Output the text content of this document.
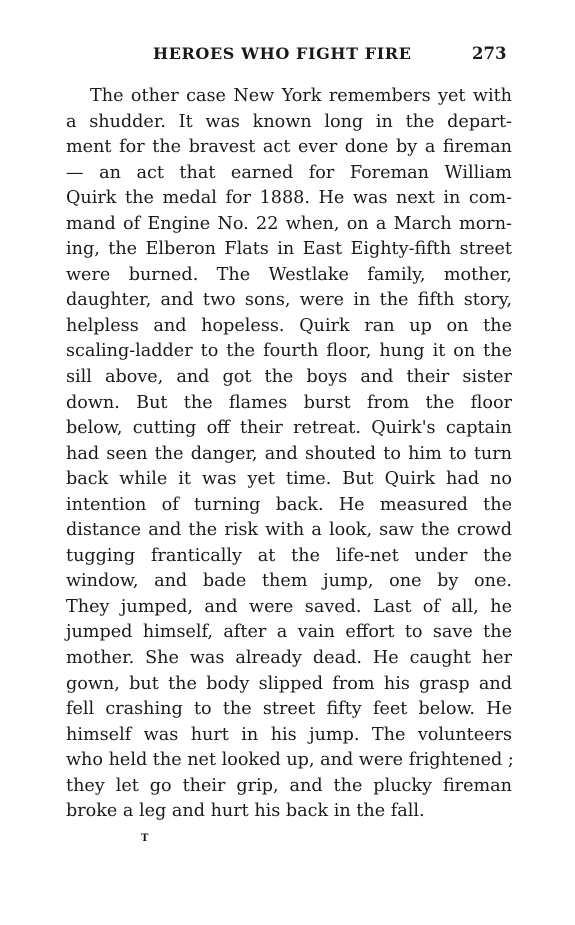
HEROES WHO FIGHT FIRE	273
The other case New York remembers yet with
a shudder. It was known long in the depart-
ment for the bravest act ever done by a fireman
— an act that earned for Foreman William
Quirk the medal for 1888. He was next in com-
mand of Engine No. 22 when, on a March morn-
ing, the Elberon Flats in East Eighty-fifth street
were burned. The Westlake family, mother,
daughter, and two sons, were in the fifth story,
helpless and hopeless. Quirk ran up on the
scaling-ladder to the fourth floor, hung it on the
sill above, and got the boys and their sister
down. But the flames burst from the floor
below, cutting off their retreat. Quirk's captain
had seen the danger, and shouted to him to turn
back while it was yet time. But Quirk had no
intention of turning back. He measured the
distance and the risk with a look, saw the crowd
tugging frantically at the life-net under the
window, and bade them jump, one by one.
They jumped, and were saved. Last of all, he
jumped himself, after a vain effort to save the
mother. She was already dead. He caught her
gown, but the body slipped from his grasp and
fell crashing to the street fifty feet below. He
himself was hurt in his jump. The volunteers
who held the net looked up, and were frightened ;
they let go their grip, and the plucky fireman
broke a leg and hurt his back in the fall.
T
